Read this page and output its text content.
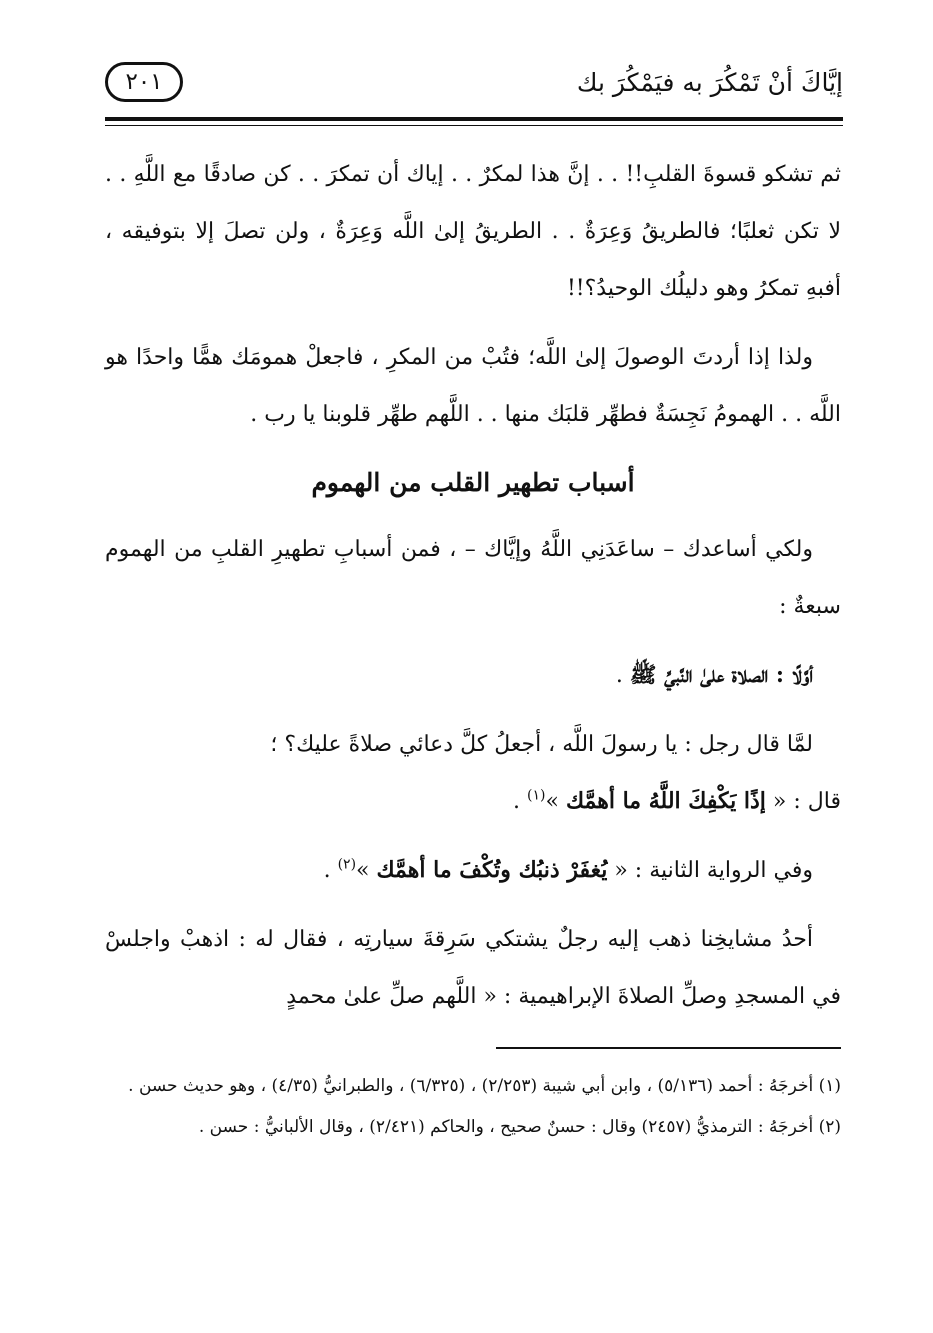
إيَّاكَ أنْ تَمْكُرَ به فيَمْكُرَ بك
٢٠١

ثم تشكو قسوةَ القلبِ!! . . إنَّ هذا لمكرٌ . . إياك أن تمكرَ . . كن صادقًا مع اللَّهِ . . لا تكن ثعلبًا؛ فالطريقُ وَعِرَةٌ . . الطريقُ إلىٰ اللَّه وَعِرَةٌ ، ولن تصلَ إلا بتوفيقه ، أفبهِ تمكرُ وهو دليلُك الوحيدُ؟!!

ولذا إذا أردتَ الوصولَ إلىٰ اللَّه؛ فتُبْ من المكرِ ، فاجعلْ همومَك همًّا واحدًا هو اللَّه . . الهمومُ نَجِسَةٌ فطهِّر قلبَك منها . . اللَّهم طهِّر قلوبنا يا رب .

أسباب تطهير القلب من الهموم

ولكي أساعدك – ساعَدَنِي اللَّهُ وإيَّاك – ، فمن أسبابِ تطهيرِ القلبِ من الهموم سبعةٌ :

أوَّلًا : الصلاة علىٰ النَّبيِّ ﷺ .

لمَّا قال رجل : يا رسولَ اللَّه ، أجعلُ كلَّ دعائي صلاةً عليك؟ ؛
قال : « إذًا يَكْفِكَ اللَّهُ ما أهمَّك »$^{(١)}$ .

وفي الرواية الثانية : « يُغفَرْ ذنبُك وتُكْفَ ما أهمَّك »$^{(٢)}$ .

أحدُ مشايخِنا ذهب إليه رجلٌ يشتكي سَرِقةَ سيارتِه ، فقال له : اذهبْ واجلسْ في المسجدِ وصلِّ الصلاةَ الإبراهيمية : « اللَّهم صلِّ علىٰ محمدٍ

(١) أخرجَهُ : أحمد (٥/١٣٦) ، وابن أبي شيبة (٢/٢٥٣) ، (٦/٣٢٥) ، والطبرانيُّ (٤/٣٥) ، وهو حديث حسن .

(٢) أخرجَهُ : الترمذيُّ (٢٤٥٧) وقال : حسنٌ صحيح ، والحاكم (٢/٤٢١) ، وقال الألبانيُّ : حسن .
